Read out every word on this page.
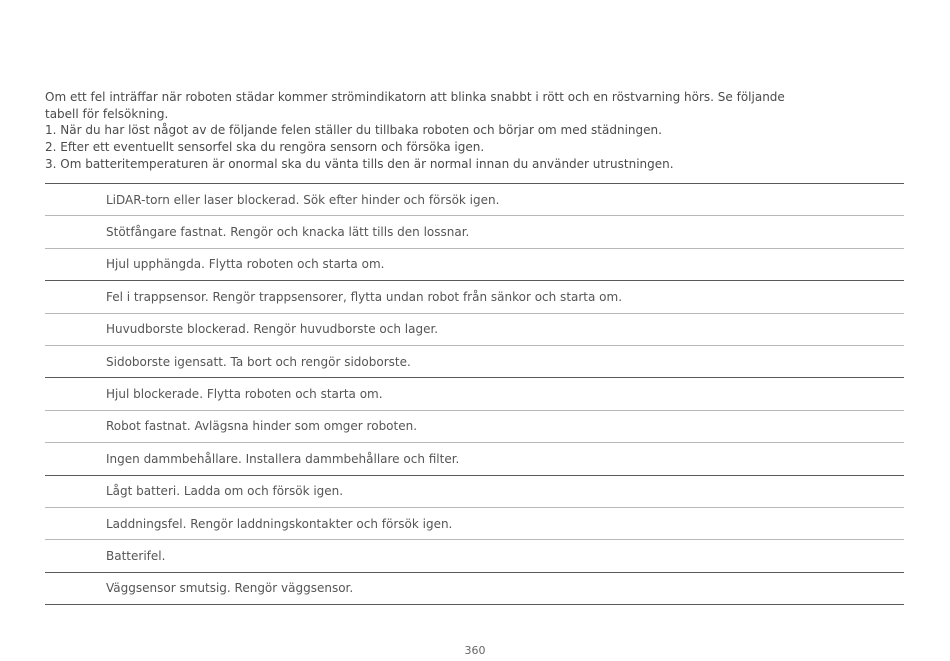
Om ett fel inträffar när roboten städar kommer strömindikatorn att blinka snabbt i rött och en röstvarning hörs. Se följande tabell för felsökning.

1. När du har löst något av de följande felen ställer du tillbaka roboten och börjar om med städningen.

2. Efter ett eventuellt sensorfel ska du rengöra sensorn och försöka igen.

3. Om batteritemperaturen är onormal ska du vänta tills den är normal innan du använder utrustningen.

LiDAR-torn eller laser blockerad. Sök efter hinder och försök igen.
Stötfångare fastnat. Rengör och knacka lätt tills den lossnar.
Hjul upphängda. Flytta roboten och starta om.
Fel i trappsensor. Rengör trappsensorer, flytta undan robot från sänkor och starta om.
Huvudborste blockerad. Rengör huvudborste och lager.
Sidoborste igensatt. Ta bort och rengör sidoborste.
Hjul blockerade. Flytta roboten och starta om.
Robot fastnat. Avlägsna hinder som omger roboten.
Ingen dammbehållare. Installera dammbehållare och filter.
Lågt batteri. Ladda om och försök igen.
Laddningsfel. Rengör laddningskontakter och försök igen.
Batterifel.
Väggsensor smutsig. Rengör väggsensor.
360
